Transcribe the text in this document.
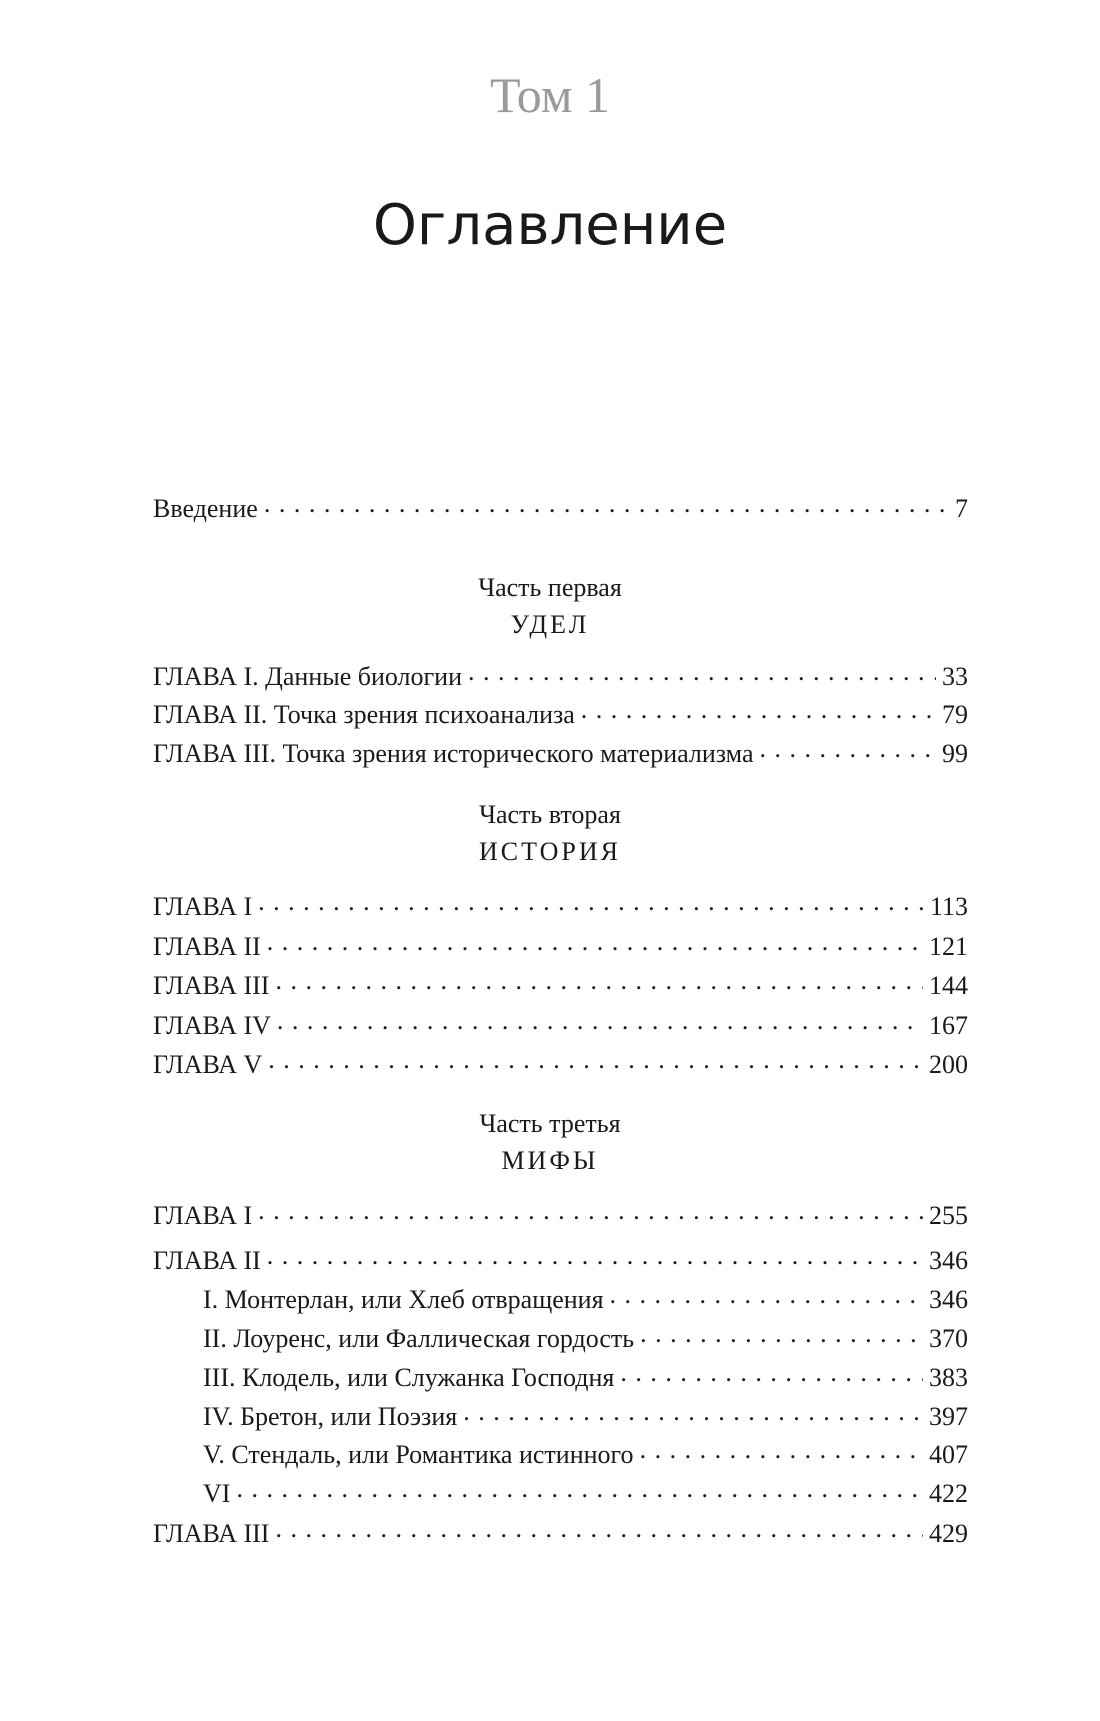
Том 1
Оглавление
Введение . . .	7
Часть первая
УДЕЛ
ГЛАВА I. Данные биологии . . .	33
ГЛАВА II. Точка зрения психоанализа . . .	79
ГЛАВА III. Точка зрения исторического материализма . . .	99
Часть вторая
ИСТОРИЯ
ГЛАВА I . . .	113
ГЛАВА II . . .	121
ГЛАВА III . . .	144
ГЛАВА IV . . .	167
ГЛАВА V . . .	200
Часть третья
МИФЫ
ГЛАВА I . . .	255
ГЛАВА II . . .	346
I. Монтерлан, или Хлеб отвращения . . .	346
II. Лоуренс, или Фаллическая гордость . . .	370
III. Клодель, или Служанка Господня . . .	383
IV. Бретон, или Поэзия . . .	397
V. Стендаль, или Романтика истинного . . .	407
VI . . .	422
ГЛАВА III . . .	429
